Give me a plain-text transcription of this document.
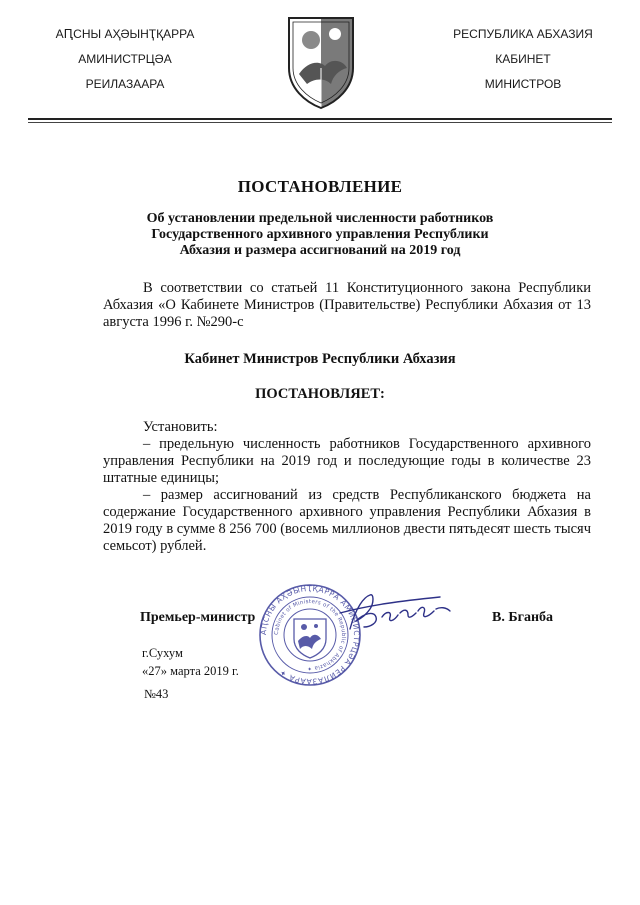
АԤСНЫ АҲӘЫНҬҚАРРА
АМИНИСТРЦӘА
РЕИЛАЗААРА
РЕСПУБЛИКА АБХАЗИЯ
КАБИНЕТ
МИНИСТРОВ
ПОСТАНОВЛЕНИЕ
Об установлении предельной численности работников
Государственного архивного управления Республики
Абхазия и размера ассигнований на 2019 год
В соответствии со статьей 11 Конституционного закона Республики Абхазия «О Кабинете Министров (Правительстве) Республики Абхазия от 13 августа 1996 г. №290-с
Кабинет Министров Республики Абхазия
ПОСТАНОВЛЯЕТ:

Установить:

– предельную численность работников Государственного архивного управления Республики на 2019 год и последующие годы в количестве 23 штатные единицы;

– размер ассигнований из средств Республиканского бюджета на содержание Государственного архивного управления Республики Абхазия в 2019 году в сумме 8 256 700 (восемь миллионов двести пятьдесят шесть тысяч семьсот) рублей.

АԤСНЫ АҲӘЫНҬҚАРРА АМИНИСТРЦӘА РЕИЛАЗААРА ✦
Cabinet of Ministers of the Republic of Abkhazia ✦
Премьер-министр	В. Бганба
г.Сухум
«27» марта 2019 г.
№43
